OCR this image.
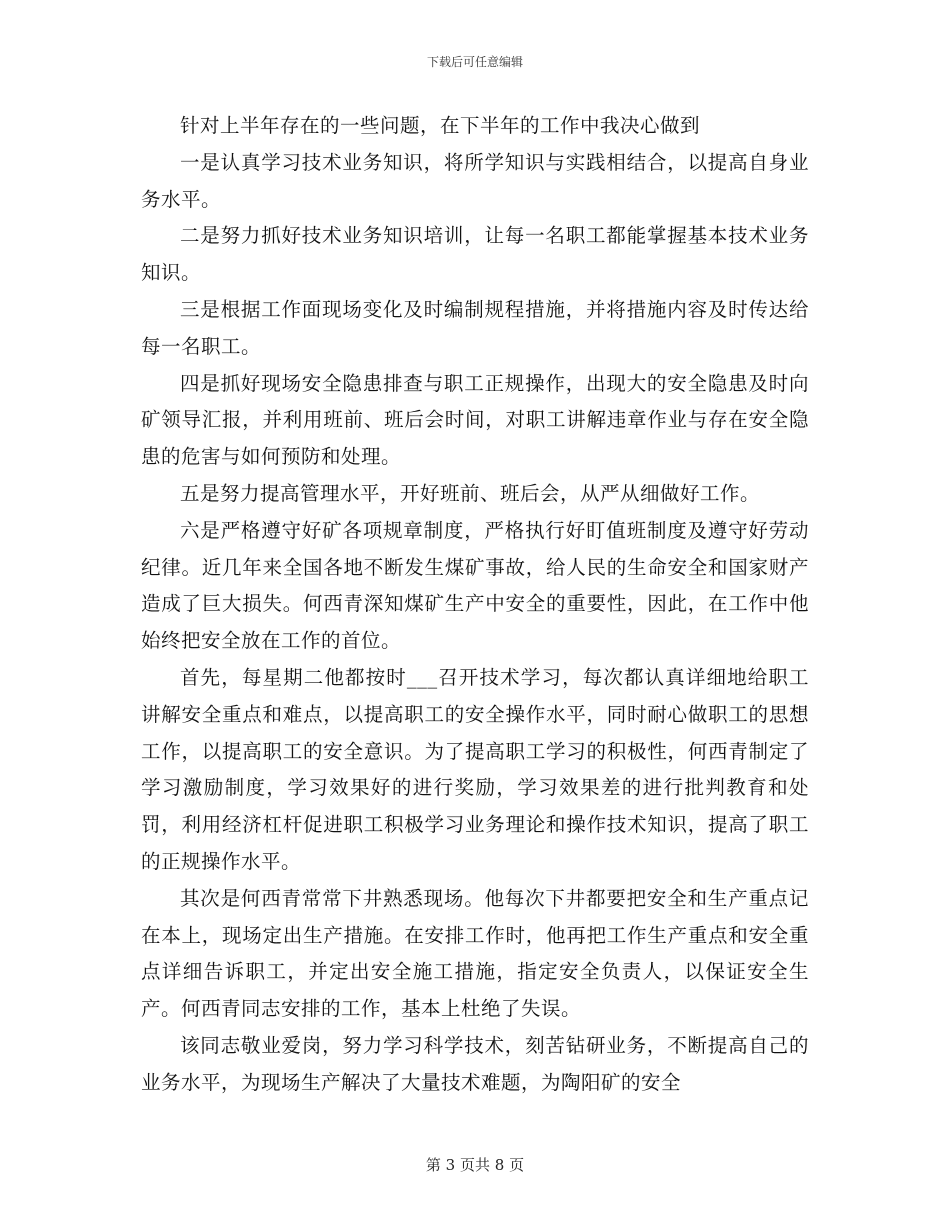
下载后可任意编辑

针对上半年存在的一些问题，在下半年的工作中我决心做到

一是认真学习技术业务知识，将所学知识与实践相结合，以提高自身业务水平。

二是努力抓好技术业务知识培训，让每一名职工都能掌握基本技术业务知识。

三是根据工作面现场变化及时编制规程措施，并将措施内容及时传达给每一名职工。

四是抓好现场安全隐患排查与职工正规操作，出现大的安全隐患及时向矿领导汇报，并利用班前、班后会时间，对职工讲解违章作业与存在安全隐患的危害与如何预防和处理。

五是努力提高管理水平，开好班前、班后会，从严从细做好工作。

六是严格遵守好矿各项规章制度，严格执行好盯值班制度及遵守好劳动纪律。近几年来全国各地不断发生煤矿事故，给人民的生命安全和国家财产造成了巨大损失。何西青深知煤矿生产中安全的重要性，因此，在工作中他始终把安全放在工作的首位。

首先，每星期二他都按时___召开技术学习，每次都认真详细地给职工讲解安全重点和难点，以提高职工的安全操作水平，同时耐心做职工的思想工作，以提高职工的安全意识。为了提高职工学习的积极性，何西青制定了学习激励制度，学习效果好的进行奖励，学习效果差的进行批判教育和处罚，利用经济杠杆促进职工积极学习业务理论和操作技术知识，提高了职工的正规操作水平。

其次是何西青常常下井熟悉现场。他每次下井都要把安全和生产重点记在本上，现场定出生产措施。在安排工作时，他再把工作生产重点和安全重点详细告诉职工，并定出安全施工措施，指定安全负责人，以保证安全生产。何西青同志安排的工作，基本上杜绝了失误。

该同志敬业爱岗，努力学习科学技术，刻苦钻研业务，不断提高自己的业务水平，为现场生产解决了大量技术难题，为陶阳矿的安全

第 3 页共 8 页
